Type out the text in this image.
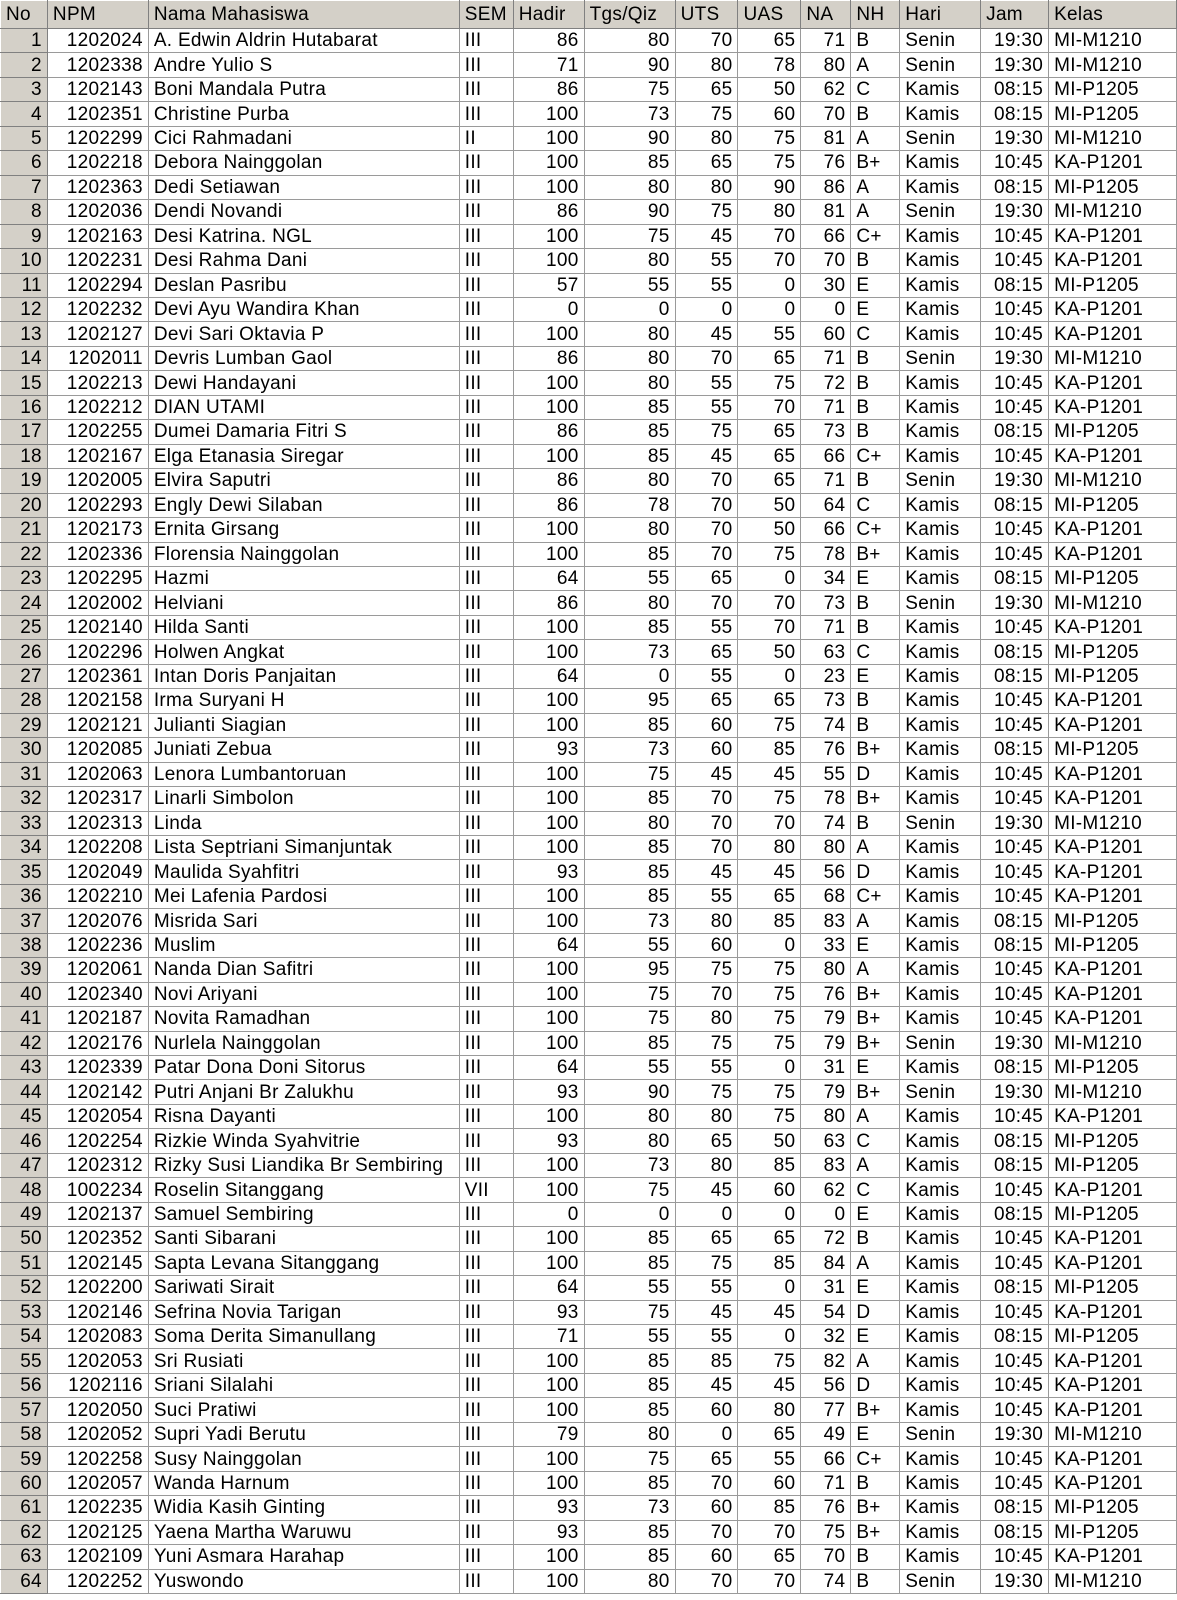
No	NPM	Nama Mahasiswa	SEM	Hadir	Tgs/Qiz	UTS	UAS	NA	NH	Hari	Jam	Kelas
1	1202024	A. Edwin Aldrin Hutabarat	III	86	80	70	65	71	B	Senin	19:30	MI-M1210
2	1202338	Andre Yulio S	III	71	90	80	78	80	A	Senin	19:30	MI-M1210
3	1202143	Boni Mandala Putra	III	86	75	65	50	62	C	Kamis	08:15	MI-P1205
4	1202351	Christine Purba	III	100	73	75	60	70	B	Kamis	08:15	MI-P1205
5	1202299	Cici Rahmadani	II	100	90	80	75	81	A	Senin	19:30	MI-M1210
6	1202218	Debora Nainggolan	III	100	85	65	75	76	B+	Kamis	10:45	KA-P1201
7	1202363	Dedi Setiawan	III	100	80	80	90	86	A	Kamis	08:15	MI-P1205
8	1202036	Dendi Novandi	III	86	90	75	80	81	A	Senin	19:30	MI-M1210
9	1202163	Desi Katrina. NGL	III	100	75	45	70	66	C+	Kamis	10:45	KA-P1201
10	1202231	Desi Rahma Dani	III	100	80	55	70	70	B	Kamis	10:45	KA-P1201
11	1202294	Deslan Pasribu	III	57	55	55	0	30	E	Kamis	08:15	MI-P1205
12	1202232	Devi Ayu Wandira Khan	III	0	0	0	0	0	E	Kamis	10:45	KA-P1201
13	1202127	Devi Sari Oktavia P	III	100	80	45	55	60	C	Kamis	10:45	KA-P1201
14	1202011	Devris Lumban Gaol	III	86	80	70	65	71	B	Senin	19:30	MI-M1210
15	1202213	Dewi Handayani	III	100	80	55	75	72	B	Kamis	10:45	KA-P1201
16	1202212	DIAN UTAMI	III	100	85	55	70	71	B	Kamis	10:45	KA-P1201
17	1202255	Dumei Damaria Fitri S	III	86	85	75	65	73	B	Kamis	08:15	MI-P1205
18	1202167	Elga Etanasia Siregar	III	100	85	45	65	66	C+	Kamis	10:45	KA-P1201
19	1202005	Elvira Saputri	III	86	80	70	65	71	B	Senin	19:30	MI-M1210
20	1202293	Engly Dewi Silaban	III	86	78	70	50	64	C	Kamis	08:15	MI-P1205
21	1202173	Ernita Girsang	III	100	80	70	50	66	C+	Kamis	10:45	KA-P1201
22	1202336	Florensia Nainggolan	III	100	85	70	75	78	B+	Kamis	10:45	KA-P1201
23	1202295	Hazmi	III	64	55	65	0	34	E	Kamis	08:15	MI-P1205
24	1202002	Helviani	III	86	80	70	70	73	B	Senin	19:30	MI-M1210
25	1202140	Hilda Santi	III	100	85	55	70	71	B	Kamis	10:45	KA-P1201
26	1202296	Holwen Angkat	III	100	73	65	50	63	C	Kamis	08:15	MI-P1205
27	1202361	Intan Doris Panjaitan	III	64	0	55	0	23	E	Kamis	08:15	MI-P1205
28	1202158	Irma Suryani H	III	100	95	65	65	73	B	Kamis	10:45	KA-P1201
29	1202121	Julianti Siagian	III	100	85	60	75	74	B	Kamis	10:45	KA-P1201
30	1202085	Juniati Zebua	III	93	73	60	85	76	B+	Kamis	08:15	MI-P1205
31	1202063	Lenora Lumbantoruan	III	100	75	45	45	55	D	Kamis	10:45	KA-P1201
32	1202317	Linarli Simbolon	III	100	85	70	75	78	B+	Kamis	10:45	KA-P1201
33	1202313	Linda	III	100	80	70	70	74	B	Senin	19:30	MI-M1210
34	1202208	Lista Septriani Simanjuntak	III	100	85	70	80	80	A	Kamis	10:45	KA-P1201
35	1202049	Maulida Syahfitri	III	93	85	45	45	56	D	Kamis	10:45	KA-P1201
36	1202210	Mei Lafenia Pardosi	III	100	85	55	65	68	C+	Kamis	10:45	KA-P1201
37	1202076	Misrida Sari	III	100	73	80	85	83	A	Kamis	08:15	MI-P1205
38	1202236	Muslim	III	64	55	60	0	33	E	Kamis	08:15	MI-P1205
39	1202061	Nanda Dian Safitri	III	100	95	75	75	80	A	Kamis	10:45	KA-P1201
40	1202340	Novi Ariyani	III	100	75	70	75	76	B+	Kamis	10:45	KA-P1201
41	1202187	Novita Ramadhan	III	100	75	80	75	79	B+	Kamis	10:45	KA-P1201
42	1202176	Nurlela Nainggolan	III	100	85	75	75	79	B+	Senin	19:30	MI-M1210
43	1202339	Patar Dona Doni Sitorus	III	64	55	55	0	31	E	Kamis	08:15	MI-P1205
44	1202142	Putri Anjani Br Zalukhu	III	93	90	75	75	79	B+	Senin	19:30	MI-M1210
45	1202054	Risna Dayanti	III	100	80	80	75	80	A	Kamis	10:45	KA-P1201
46	1202254	Rizkie Winda Syahvitrie	III	93	80	65	50	63	C	Kamis	08:15	MI-P1205
47	1202312	Rizky Susi Liandika Br Sembiring	III	100	73	80	85	83	A	Kamis	08:15	MI-P1205
48	1002234	Roselin Sitanggang	VII	100	75	45	60	62	C	Kamis	10:45	KA-P1201
49	1202137	Samuel Sembiring	III	0	0	0	0	0	E	Kamis	08:15	MI-P1205
50	1202352	Santi Sibarani	III	100	85	65	65	72	B	Kamis	10:45	KA-P1201
51	1202145	Sapta Levana Sitanggang	III	100	85	75	85	84	A	Kamis	10:45	KA-P1201
52	1202200	Sariwati Sirait	III	64	55	55	0	31	E	Kamis	08:15	MI-P1205
53	1202146	Sefrina Novia Tarigan	III	93	75	45	45	54	D	Kamis	10:45	KA-P1201
54	1202083	Soma Derita Simanullang	III	71	55	55	0	32	E	Kamis	08:15	MI-P1205
55	1202053	Sri Rusiati	III	100	85	85	75	82	A	Kamis	10:45	KA-P1201
56	1202116	Sriani Silalahi	III	100	85	45	45	56	D	Kamis	10:45	KA-P1201
57	1202050	Suci Pratiwi	III	100	85	60	80	77	B+	Kamis	10:45	KA-P1201
58	1202052	Supri Yadi Berutu	III	79	80	0	65	49	E	Senin	19:30	MI-M1210
59	1202258	Susy Nainggolan	III	100	75	65	55	66	C+	Kamis	10:45	KA-P1201
60	1202057	Wanda Harnum	III	100	85	70	60	71	B	Kamis	10:45	KA-P1201
61	1202235	Widia Kasih Ginting	III	93	73	60	85	76	B+	Kamis	08:15	MI-P1205
62	1202125	Yaena Martha Waruwu	III	93	85	70	70	75	B+	Kamis	08:15	MI-P1205
63	1202109	Yuni Asmara Harahap	III	100	85	60	65	70	B	Kamis	10:45	KA-P1201
64	1202252	Yuswondo	III	100	80	70	70	74	B	Senin	19:30	MI-M1210
